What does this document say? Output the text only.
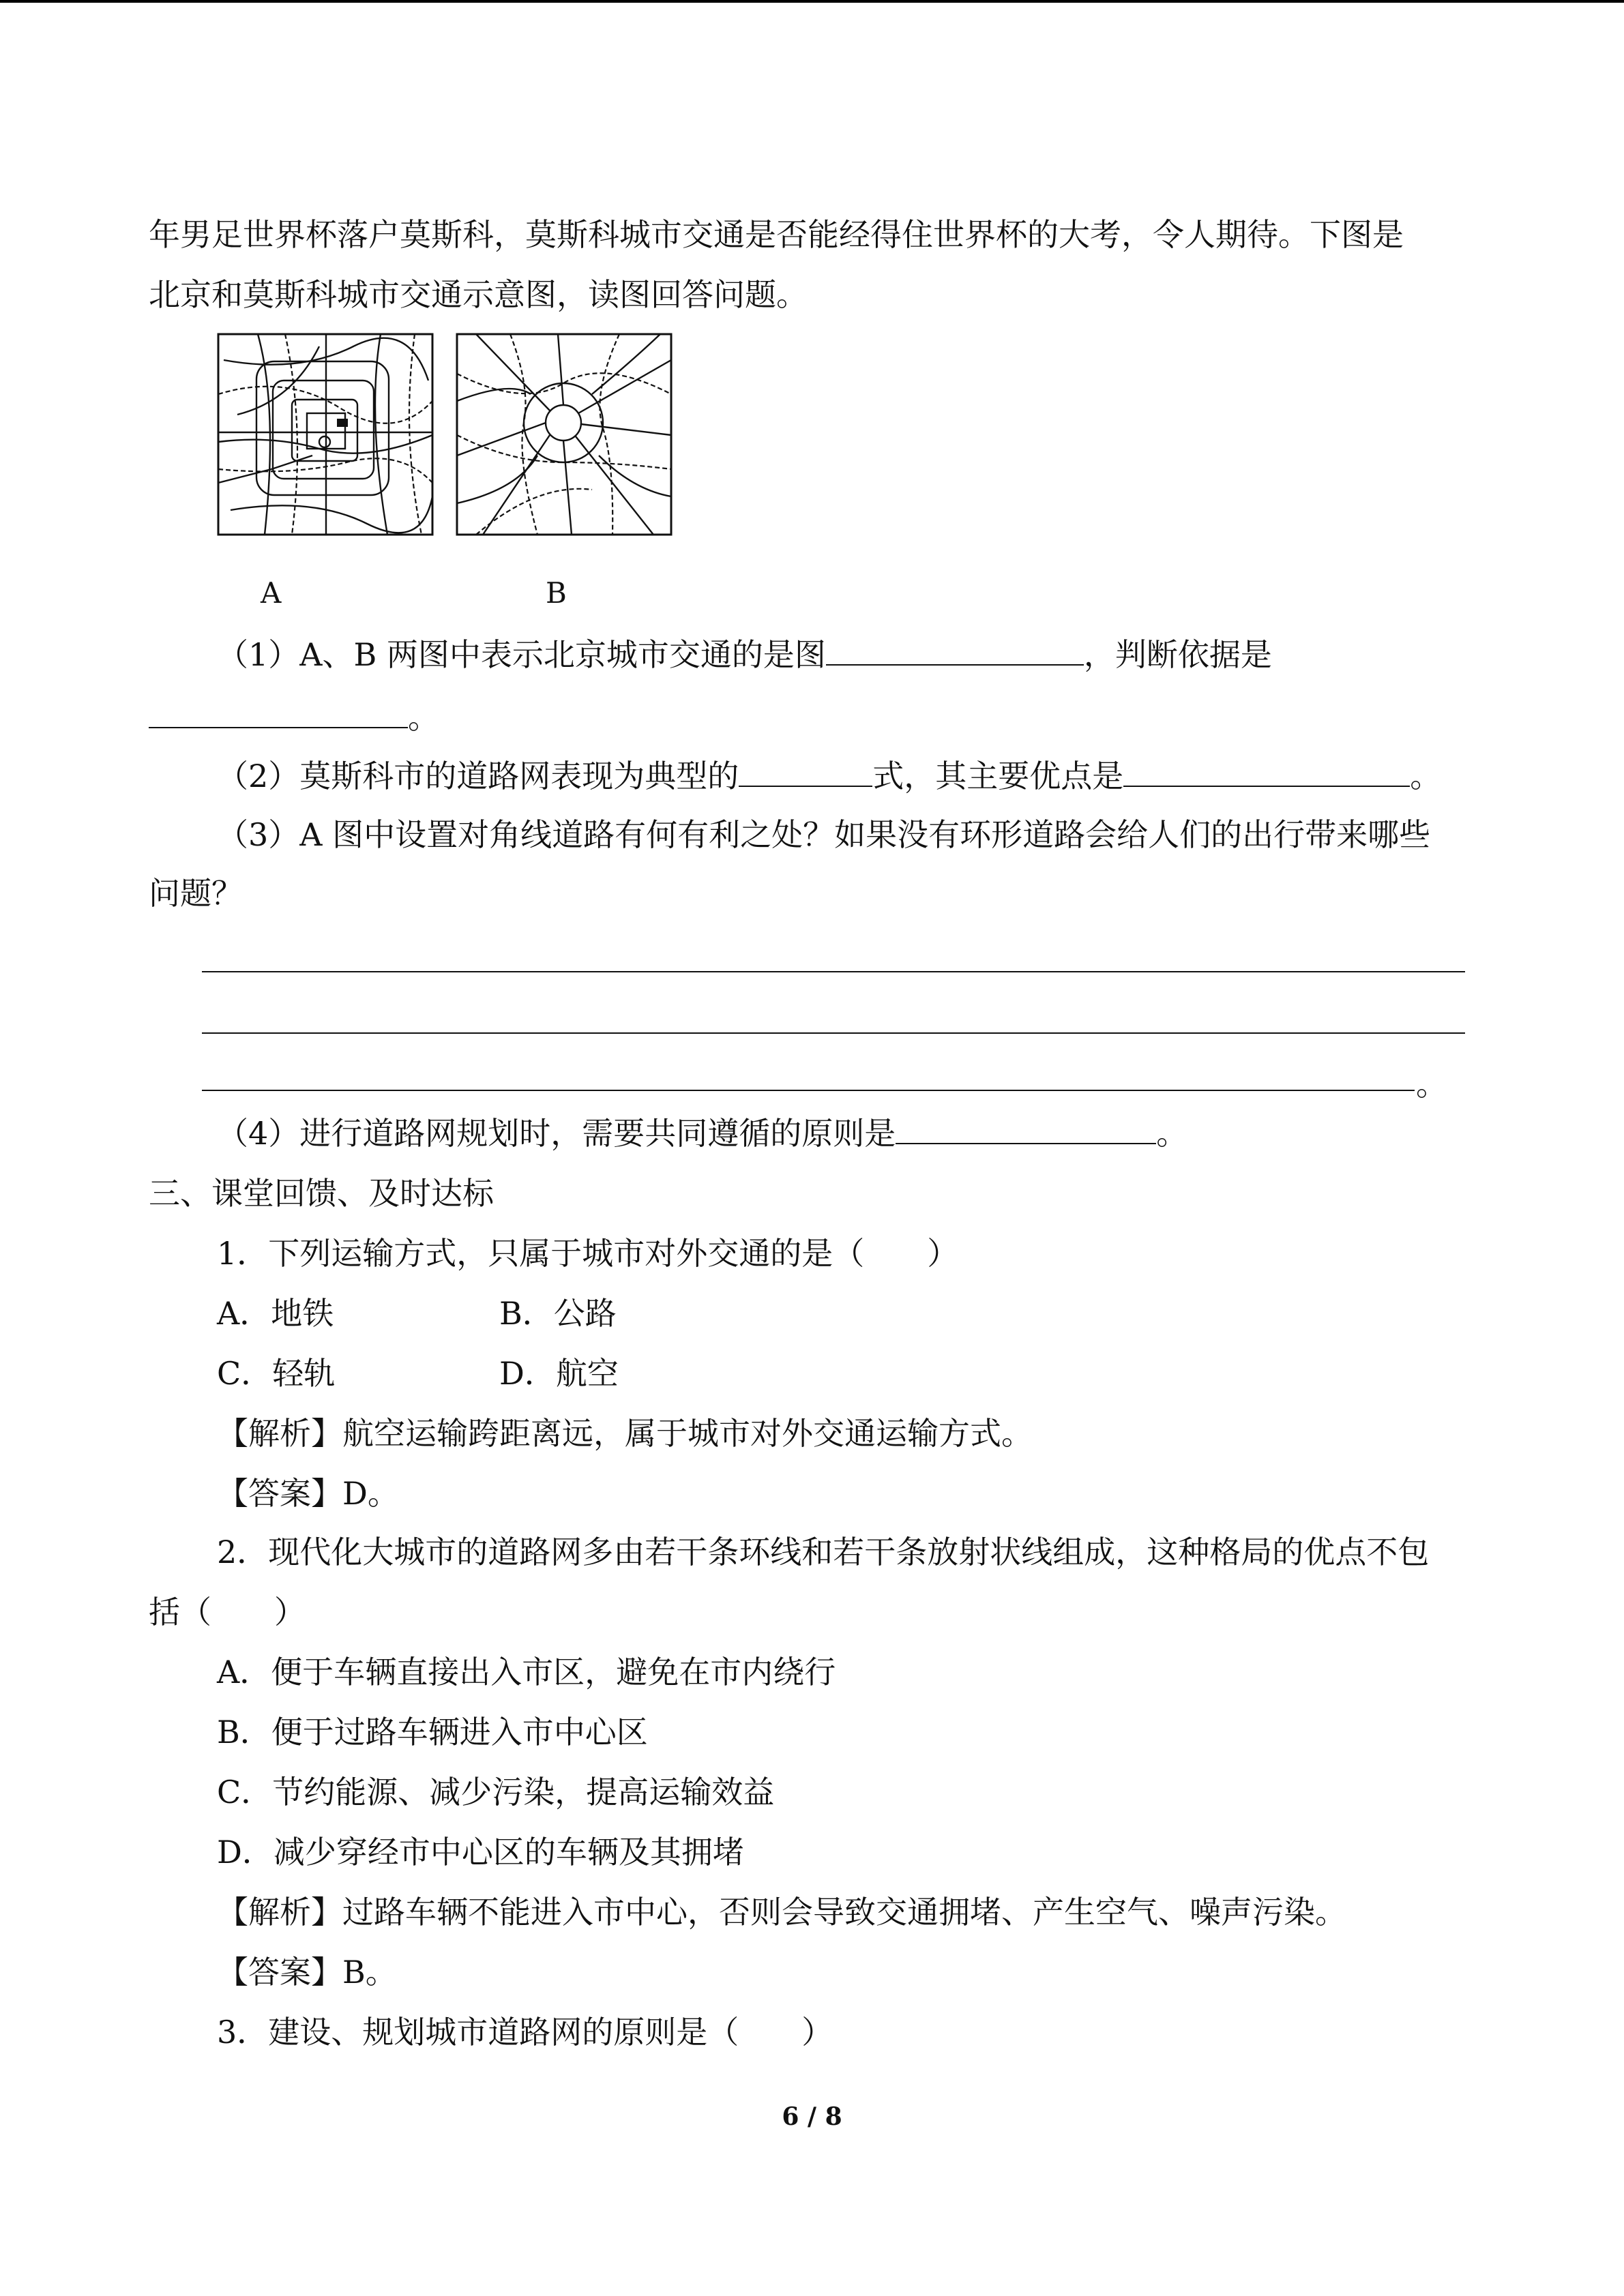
年男足世界杯落户莫斯科，莫斯科城市交通是否能经得住世界杯的大考，令人期待。下图是
北京和莫斯科城市交通示意图，读图回答问题。
A	B
（1）A、B 两图中表示北京城市交通的是图	，判断依据是
。
（2）莫斯科市的道路网表现为典型的	式，其主要优点是	。
（3）A 图中设置对角线道路有何有利之处？如果没有环形道路会给人们的出行带来哪些
问题？
。
（4）进行道路网规划时，需要共同遵循的原则是	。
三、课堂回馈、及时达标
1．下列运输方式，只属于城市对外交通的是（　　）
A．地铁	B．公路
C．轻轨	D．航空
【解析】航空运输跨距离远，属于城市对外交通运输方式。
【答案】D。
2．现代化大城市的道路网多由若干条环线和若干条放射状线组成，这种格局的优点不包
括（　　）
A．便于车辆直接出入市区，避免在市内绕行
B．便于过路车辆进入市中心区
C．节约能源、减少污染，提高运输效益
D．减少穿经市中心区的车辆及其拥堵
【解析】过路车辆不能进入市中心，否则会导致交通拥堵、产生空气、噪声污染。
【答案】B。
3．建设、规划城市道路网的原则是（　　）
6 / 8
